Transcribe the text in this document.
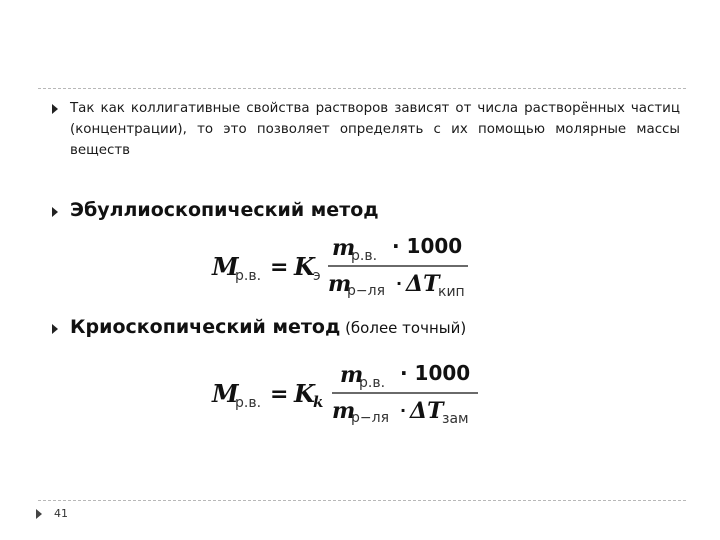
Так как коллигативные свойства растворов зависят от числа растворённых частиц (концентрации), то это позволяет определять с их помощью молярные массы веществ
Эбуллиоскопический метод
M
р.в. = K
э
m
р.в. · 1000
m
р−ля · ΔT
кип
Криоскопический метод (более точный)
M
р.в. = K
k
m
р.в. · 1000
m
р−ля · ΔT
зам
41
